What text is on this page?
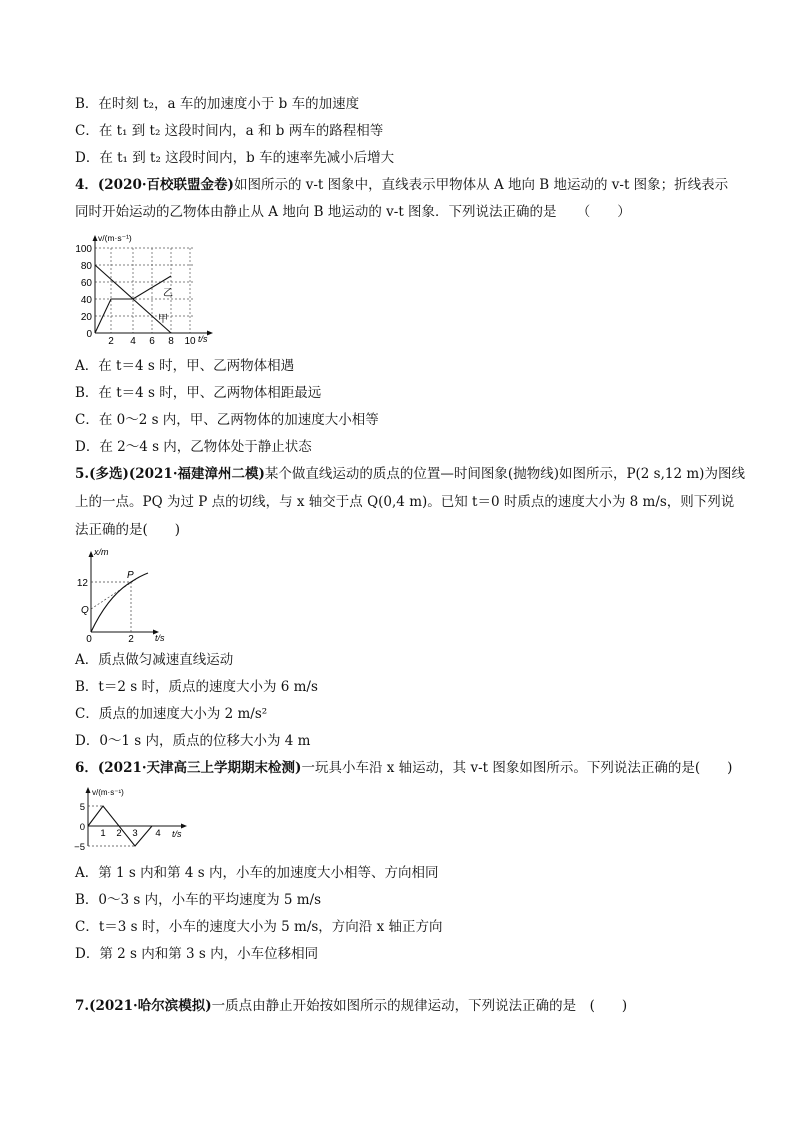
B．在时刻 t₂，a 车的加速度小于 b 车的加速度
C．在 t₁ 到 t₂ 这段时间内，a 和 b 两车的路程相等
D．在 t₁ 到 t₂ 这段时间内，b 车的速率先减小后增大
4．(2020·百校联盟金卷)如图所示的 v-t 图象中，直线表示甲物体从 A 地向 B 地运动的 v-t 图象；折线表示
同时开始运动的乙物体由静止从 A 地向 B 地运动的 v-t 图象．下列说法正确的是　　（　　）
v/(m·s⁻¹)
t/s
100
80
60
40
20
0
2 4 6 8 10
乙
甲
A．在 t＝4 s 时，甲、乙两物体相遇
B．在 t＝4 s 时，甲、乙两物体相距最远
C．在 0～2 s 内，甲、乙两物体的加速度大小相等
D．在 2～4 s 内，乙物体处于静止状态
5.(多选)(2021·福建漳州二模)某个做直线运动的质点的位置—时间图象(抛物线)如图所示，P(2 s,12 m)为图线
上的一点。PQ 为过 P 点的切线，与 x 轴交于点 Q(0,4 m)。已知 t＝0 时质点的速度大小为 8 m/s，则下列说
法正确的是(　　)
x/m
t/s
12
2
0
P
Q
A．质点做匀减速直线运动
B．t＝2 s 时，质点的速度大小为 6 m/s
C．质点的加速度大小为 2 m/s²
D．0～1 s 内，质点的位移大小为 4 m
6．(2021·天津高三上学期期末检测)一玩具小车沿 x 轴运动，其 v-t 图象如图所示。下列说法正确的是(　　)
v/(m·s⁻¹)
t/s
5
0
−5
1 2 3 4
A．第 1 s 内和第 4 s 内，小车的加速度大小相等、方向相同
B．0～3 s 内，小车的平均速度为 5 m/s
C．t＝3 s 时，小车的速度大小为 5 m/s，方向沿 x 轴正方向
D．第 2 s 内和第 3 s 内，小车位移相同
7.(2021·哈尔滨模拟)一质点由静止开始按如图所示的规律运动，下列说法正确的是　(　　)
